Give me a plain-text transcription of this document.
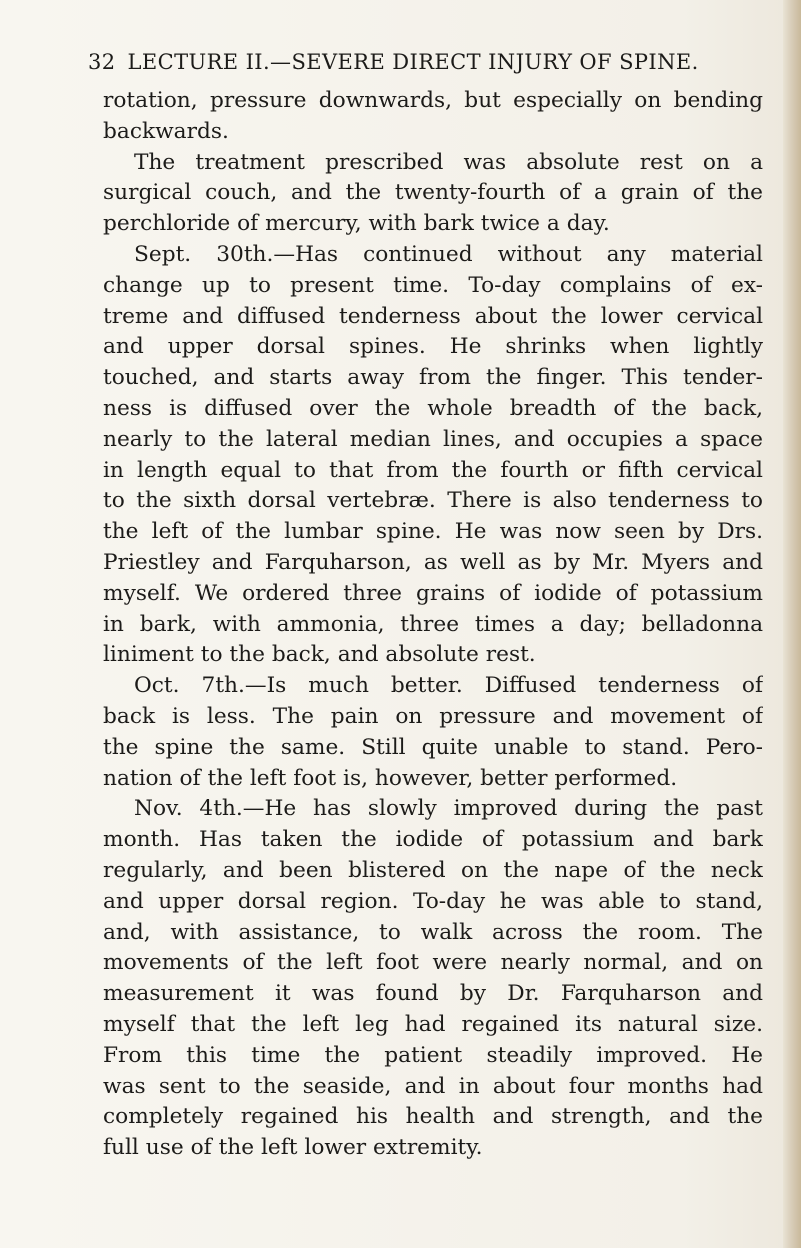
32 LECTURE II.—SEVERE DIRECT INJURY OF SPINE.
rotation, pressure downwards, but especially on bending
backwards.
The treatment prescribed was absolute rest on a
surgical couch, and the twenty-fourth of a grain of the
perchloride of mercury, with bark twice a day.
Sept. 30th.—Has continued without any material
change up to present time. To-day complains of ex-
treme and diffused tenderness about the lower cervical
and upper dorsal spines. He shrinks when lightly
touched, and starts away from the finger. This tender-
ness is diffused over the whole breadth of the back,
nearly to the lateral median lines, and occupies a space
in length equal to that from the fourth or fifth cervical
to the sixth dorsal vertebræ. There is also tenderness to
the left of the lumbar spine. He was now seen by Drs.
Priestley and Farquharson, as well as by Mr. Myers and
myself. We ordered three grains of iodide of potassium
in bark, with ammonia, three times a day; belladonna
liniment to the back, and absolute rest.
Oct. 7th.—Is much better. Diffused tenderness of
back is less. The pain on pressure and movement of
the spine the same. Still quite unable to stand. Pero-
nation of the left foot is, however, better performed.
Nov. 4th.—He has slowly improved during the past
month. Has taken the iodide of potassium and bark
regularly, and been blistered on the nape of the neck
and upper dorsal region. To-day he was able to stand,
and, with assistance, to walk across the room. The
movements of the left foot were nearly normal, and on
measurement it was found by Dr. Farquharson and
myself that the left leg had regained its natural size.
From this time the patient steadily improved. He
was sent to the seaside, and in about four months had
completely regained his health and strength, and the
full use of the left lower extremity.
